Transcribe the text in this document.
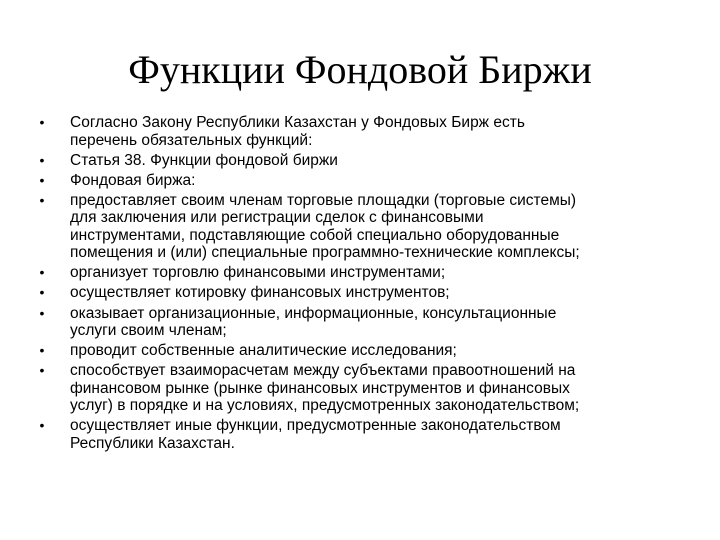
Функции Фондовой Биржи
• Согласно Закону Республики Казахстан у Фондовых Бирж есть
перечень обязательных функций:
• Статья 38. Функции фондовой биржи
• Фондовая биржа:
• предоставляет своим членам торговые площадки (торговые системы)
для заключения или регистрации сделок с финансовыми
инструментами, подставляющие собой специально оборудованные
помещения и (или) специальные программно-технические комплексы;
• организует торговлю финансовыми инструментами;
• осуществляет котировку финансовых инструментов;
• оказывает организационные, информационные, консультационные
услуги своим членам;
• проводит собственные аналитические исследования;
• способствует взаиморасчетам между субъектами правоотношений на
финансовом рынке (рынке финансовых инструментов и финансовых
услуг) в порядке и на условиях, предусмотренных законодательством;
• осуществляет иные функции, предусмотренные законодательством
Республики Казахстан.
